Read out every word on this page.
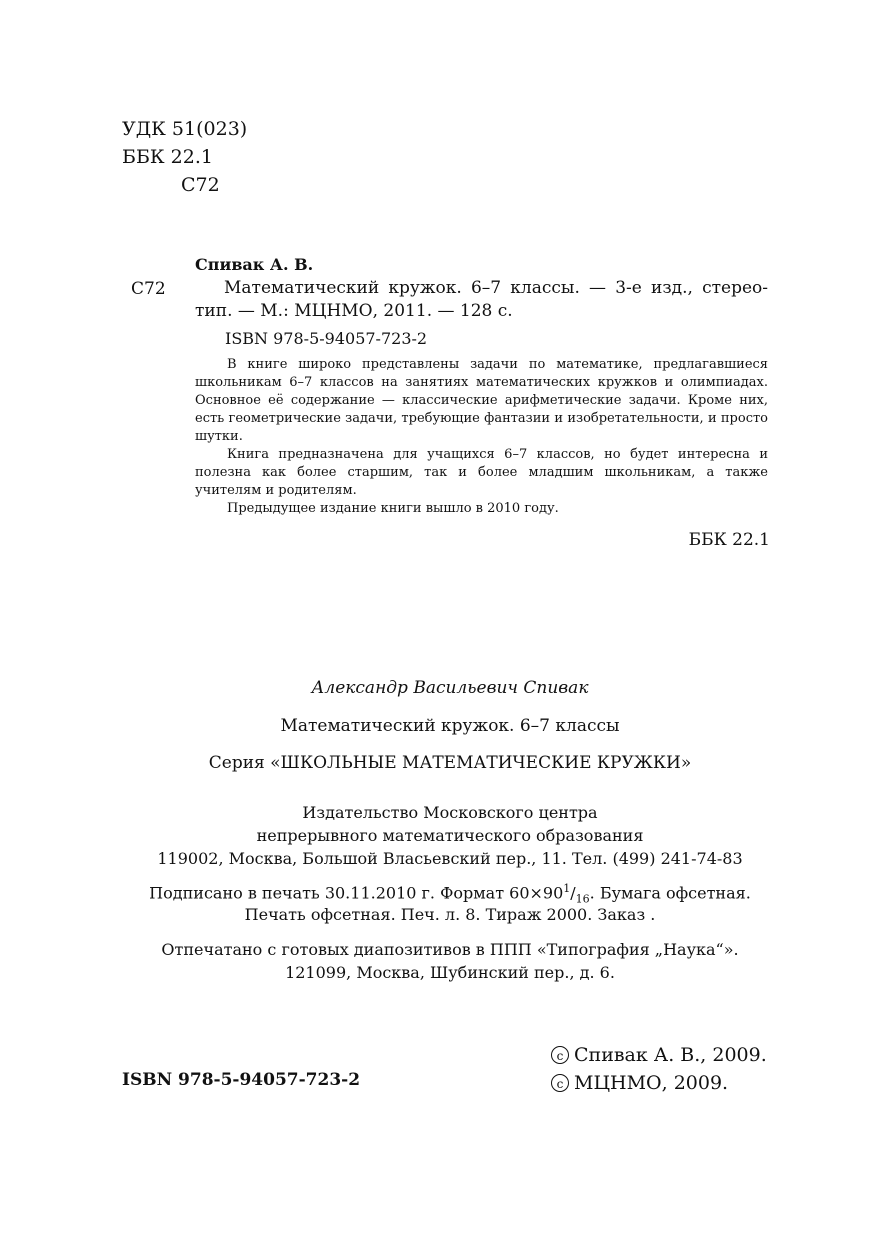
УДК 51(023)
ББК 22.1
С72
Спивак А. В.
С72	Математический кружок. 6–7 классы. — 3-е изд., стерео-
тип. — М.: МЦНМО, 2011. — 128 с.
ISBN 978-5-94057-723-2

В книге широко представлены задачи по математике, предлагавшиеся школьникам 6–7 классов на занятиях математических кружков и олимпиадах. Основное её содержание — классические арифметические задачи. Кроме них, есть геометрические задачи, требующие фантазии и изобретательности, и просто шутки.

Книга предназначена для учащихся 6–7 классов, но будет интересна и полезна как более старшим, так и более младшим школьникам, а также учителям и родителям.

Предыдущее издание книги вышло в 2010 году.

ББК 22.1
Александр Васильевич Спивак
Математический кружок. 6–7 классы
Серия «ШКОЛЬНЫЕ МАТЕМАТИЧЕСКИЕ КРУЖКИ»
Издательство Московского центра
непрерывного математического образования
119002, Москва, Большой Власьевский пер., 11. Тел. (499) 241-74-83
Подписано в печать 30.11.2010 г. Формат $60\times 90^1/_{16}$. Бумага офсетная.
Печать офсетная. Печ. л. 8. Тираж 2000. Заказ .
Отпечатано с готовых диапозитивов в ППП «Типография „Наука“».
121099, Москва, Шубинский пер., д. 6.
c Спивак А. В., 2009.
c МЦНМО, 2009.
ISBN 978-5-94057-723-2
